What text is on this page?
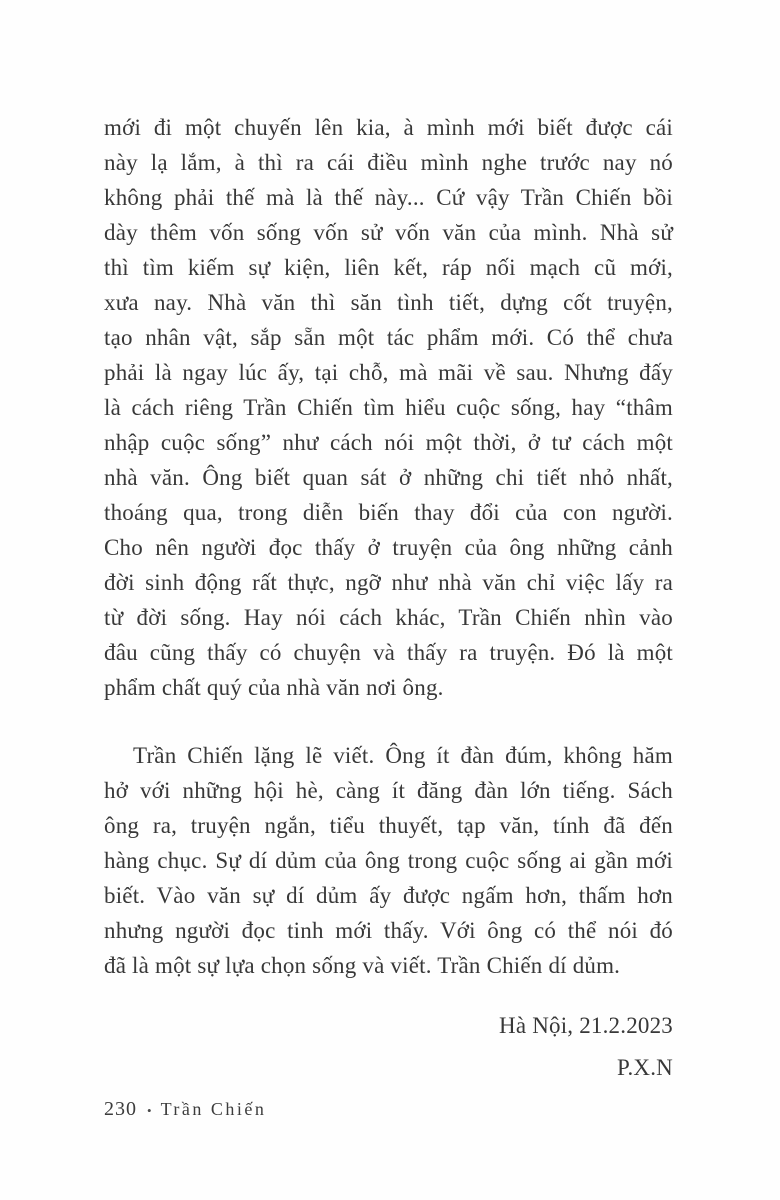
mới đi một chuyến lên kia, à mình mới biết được cái
này lạ lắm, à thì ra cái điều mình nghe trước nay nó
không phải thế mà là thế này... Cứ vậy Trần Chiến bồi
dày thêm vốn sống vốn sử vốn văn của mình. Nhà sử
thì tìm kiếm sự kiện, liên kết, ráp nối mạch cũ mới,
xưa nay. Nhà văn thì săn tình tiết, dựng cốt truyện,
tạo nhân vật, sắp sẵn một tác phẩm mới. Có thể chưa
phải là ngay lúc ấy, tại chỗ, mà mãi về sau. Nhưng đấy
là cách riêng Trần Chiến tìm hiểu cuộc sống, hay “thâm
nhập cuộc sống” như cách nói một thời, ở tư cách một
nhà văn. Ông biết quan sát ở những chi tiết nhỏ nhất,
thoáng qua, trong diễn biến thay đổi của con người.
Cho nên người đọc thấy ở truyện của ông những cảnh
đời sinh động rất thực, ngỡ như nhà văn chỉ việc lấy ra
từ đời sống. Hay nói cách khác, Trần Chiến nhìn vào
đâu cũng thấy có chuyện và thấy ra truyện. Đó là một
phẩm chất quý của nhà văn nơi ông.
Trần Chiến lặng lẽ viết. Ông ít đàn đúm, không hăm
hở với những hội hè, càng ít đăng đàn lớn tiếng. Sách
ông ra, truyện ngắn, tiểu thuyết, tạp văn, tính đã đến
hàng chục. Sự dí dủm của ông trong cuộc sống ai gần mới
biết. Vào văn sự dí dủm ấy được ngấm hơn, thấm hơn
nhưng người đọc tinh mới thấy. Với ông có thể nói đó
đã là một sự lựa chọn sống và viết. Trần Chiến dí dủm.
Hà Nội, 21.2.2023
P.X.N
230 • Trần Chiến
